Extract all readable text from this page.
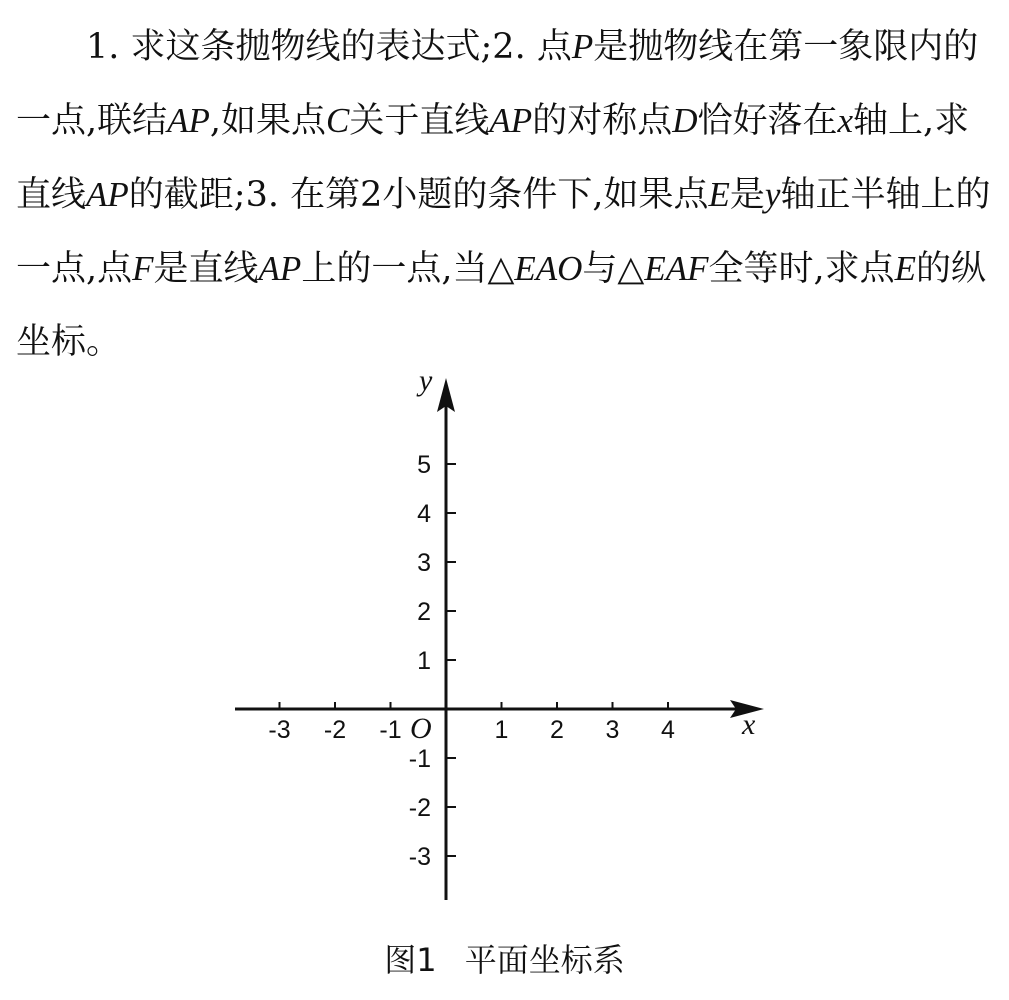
1. 求这条抛物线的表达式;2. 点P是抛物线在第一象限内的一点,联结AP,如果点C关于直线AP的对称点D恰好落在x轴上,求直线AP的截距;3. 在第2小题的条件下,如果点E是y轴正半轴上的一点,点F是直线AP上的一点,当△EAO与△EAF全等时,求点E的纵坐标。

-3 -2 -1	1 2 3 4
5
4
3
2
1
-1
-2
-3
x
y
O
图1 平面坐标系
